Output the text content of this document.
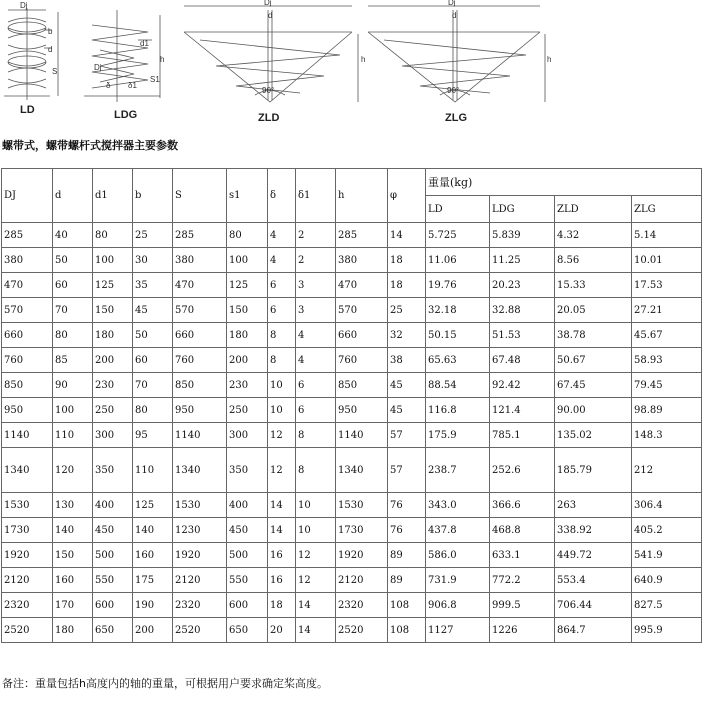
Dj
b
d
S
d1
Dj
h
S1
δ δ1
Dj
d
h
90°
Dj
d
h
90°
LD	LDG	ZLD	ZLG
螺带式，螺带螺杆式搅拌器主要参数
DJ	d	d1	b	S	s1	δ	δ1	h	φ	重量(kg)			
										LD	LDG	ZLD	ZLG
285	40	80	25	285	80	4	2	285	14	5.725	5.839	4.32	5.14
380	50	100	30	380	100	4	2	380	18	11.06	11.25	8.56	10.01
470	60	125	35	470	125	6	3	470	18	19.76	20.23	15.33	17.53
570	70	150	45	570	150	6	3	570	25	32.18	32.88	20.05	27.21
660	80	180	50	660	180	8	4	660	32	50.15	51.53	38.78	45.67
760	85	200	60	760	200	8	4	760	38	65.63	67.48	50.67	58.93
850	90	230	70	850	230	10	6	850	45	88.54	92.42	67.45	79.45
950	100	250	80	950	250	10	6	950	45	116.8	121.4	90.00	98.89
1140	110	300	95	1140	300	12	8	1140	57	175.9	785.1	135.02	148.3
1340	120	350	110	1340	350	12	8	1340	57	238.7	252.6	185.79	212
1530	130	400	125	1530	400	14	10	1530	76	343.0	366.6	263	306.4
1730	140	450	140	1230	450	14	10	1730	76	437.8	468.8	338.92	405.2
1920	150	500	160	1920	500	16	12	1920	89	586.0	633.1	449.72	541.9
2120	160	550	175	2120	550	16	12	2120	89	731.9	772.2	553.4	640.9
2320	170	600	190	2320	600	18	14	2320	108	906.8	999.5	706.44	827.5
2520	180	650	200	2520	650	20	14	2520	108	1127	1226	864.7	995.9
备注：重量包括h高度内的轴的重量，可根据用户要求确定桨高度。
